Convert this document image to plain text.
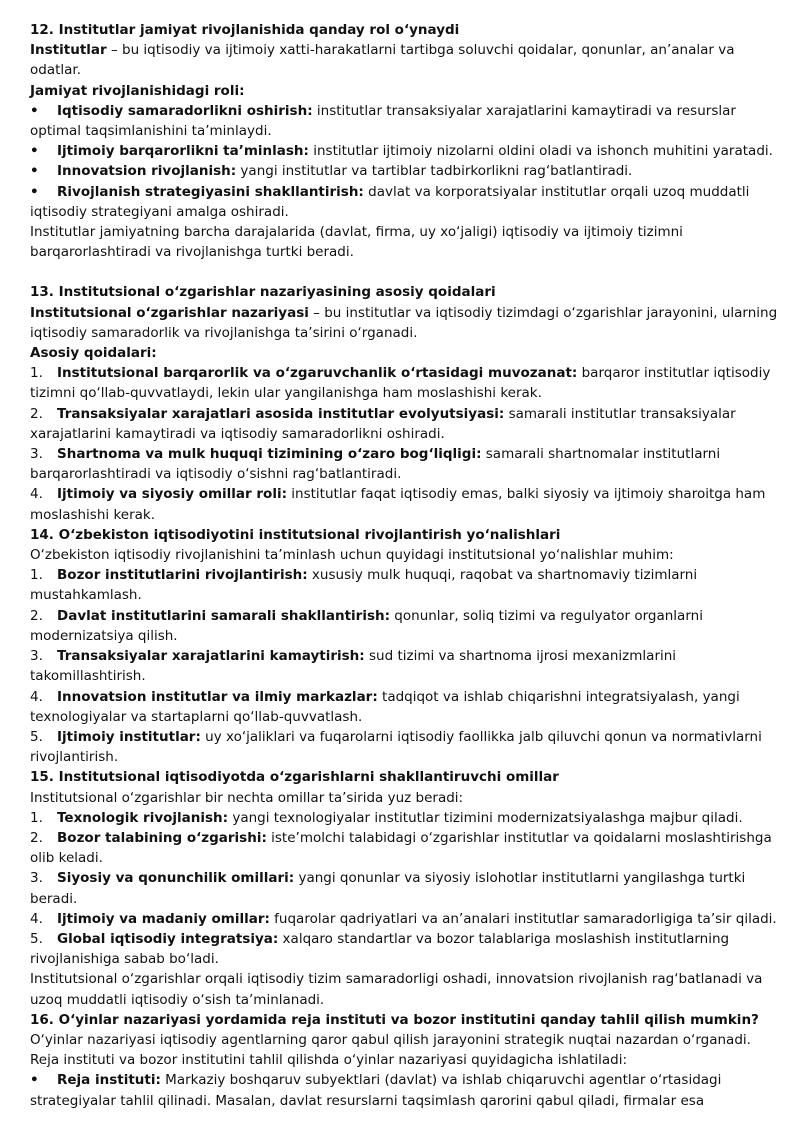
12. Institutlar jamiyat rivojlanishida qanday rol o‘ynaydi

Institutlar – bu iqtisodiy va ijtimoiy xatti-harakatlarni tartibga soluvchi qoidalar, qonunlar, an’analar va odatlar.

Jamiyat rivojlanishidagi roli:

• Iqtisodiy samaradorlikni oshirish: institutlar transaksiyalar xarajatlarini kamaytiradi va resurslar optimal taqsimlanishini ta’minlaydi.

• Ijtimoiy barqarorlikni ta’minlash: institutlar ijtimoiy nizolarni oldini oladi va ishonch muhitini yaratadi.

• Innovatsion rivojlanish: yangi institutlar va tartiblar tadbirkorlikni rag‘batlantiradi.

• Rivojlanish strategiyasini shakllantirish: davlat va korporatsiyalar institutlar orqali uzoq muddatli iqtisodiy strategiyani amalga oshiradi.

Institutlar jamiyatning barcha darajalarida (davlat, firma, uy xo‘jaligi) iqtisodiy va ijtimoiy tizimni barqarorlashtiradi va rivojlanishga turtki beradi.

13. Institutsional o‘zgarishlar nazariyasining asosiy qoidalari

Institutsional o‘zgarishlar nazariyasi – bu institutlar va iqtisodiy tizimdagi o‘zgarishlar jarayonini, ularning iqtisodiy samaradorlik va rivojlanishga ta’sirini o‘rganadi.

Asosiy qoidalari:

1. Institutsional barqarorlik va o‘zgaruvchanlik o‘rtasidagi muvozanat: barqaror institutlar iqtisodiy tizimni qo‘llab-quvvatlaydi, lekin ular yangilanishga ham moslashishi kerak.

2. Transaksiyalar xarajatlari asosida institutlar evolyutsiyasi: samarali institutlar transaksiyalar xarajatlarini kamaytiradi va iqtisodiy samaradorlikni oshiradi.

3. Shartnoma va mulk huquqi tizimining o‘zaro bog‘liqligi: samarali shartnomalar institutlarni barqarorlashtiradi va iqtisodiy o‘sishni rag‘batlantiradi.

4. Ijtimoiy va siyosiy omillar roli: institutlar faqat iqtisodiy emas, balki siyosiy va ijtimoiy sharoitga ham moslashishi kerak.

14. O‘zbekiston iqtisodiyotini institutsional rivojlantirish yo‘nalishlari

O‘zbekiston iqtisodiy rivojlanishini ta’minlash uchun quyidagi institutsional yo‘nalishlar muhim:

1. Bozor institutlarini rivojlantirish: xususiy mulk huquqi, raqobat va shartnomaviy tizimlarni mustahkamlash.

2. Davlat institutlarini samarali shakllantirish: qonunlar, soliq tizimi va regulyator organlarni modernizatsiya qilish.

3. Transaksiyalar xarajatlarini kamaytirish: sud tizimi va shartnoma ijrosi mexanizmlarini takomillashtirish.

4. Innovatsion institutlar va ilmiy markazlar: tadqiqot va ishlab chiqarishni integratsiyalash, yangi texnologiyalar va startaplarni qo‘llab-quvvatlash.

5. Ijtimoiy institutlar: uy xo‘jaliklari va fuqarolarni iqtisodiy faollikka jalb qiluvchi qonun va normativlarni rivojlantirish.

15. Institutsional iqtisodiyotda o‘zgarishlarni shakllantiruvchi omillar

Institutsional o‘zgarishlar bir nechta omillar ta’sirida yuz beradi:

1. Texnologik rivojlanish: yangi texnologiyalar institutlar tizimini modernizatsiyalashga majbur qiladi.

2. Bozor talabining o‘zgarishi: iste’molchi talabidagi o‘zgarishlar institutlar va qoidalarni moslashtirishga olib keladi.

3. Siyosiy va qonunchilik omillari: yangi qonunlar va siyosiy islohotlar institutlarni yangilashga turtki beradi.

4. Ijtimoiy va madaniy omillar: fuqarolar qadriyatlari va an’analari institutlar samaradorligiga ta’sir qiladi.

5. Global iqtisodiy integratsiya: xalqaro standartlar va bozor talablariga moslashish institutlarning rivojlanishiga sabab bo‘ladi.

Institutsional o‘zgarishlar orqali iqtisodiy tizim samaradorligi oshadi, innovatsion rivojlanish rag‘batlanadi va uzoq muddatli iqtisodiy o‘sish ta’minlanadi.

16. O‘yinlar nazariyasi yordamida reja instituti va bozor institutini qanday tahlil qilish mumkin?

O‘yinlar nazariyasi iqtisodiy agentlarning qaror qabul qilish jarayonini strategik nuqtai nazardan o‘rganadi.

Reja instituti va bozor institutini tahlil qilishda o‘yinlar nazariyasi quyidagicha ishlatiladi:

• Reja instituti: Markaziy boshqaruv subyektlari (davlat) va ishlab chiqaruvchi agentlar o‘rtasidagi strategiyalar tahlil qilinadi. Masalan, davlat resurslarni taqsimlash qarorini qabul qiladi, firmalar esa
